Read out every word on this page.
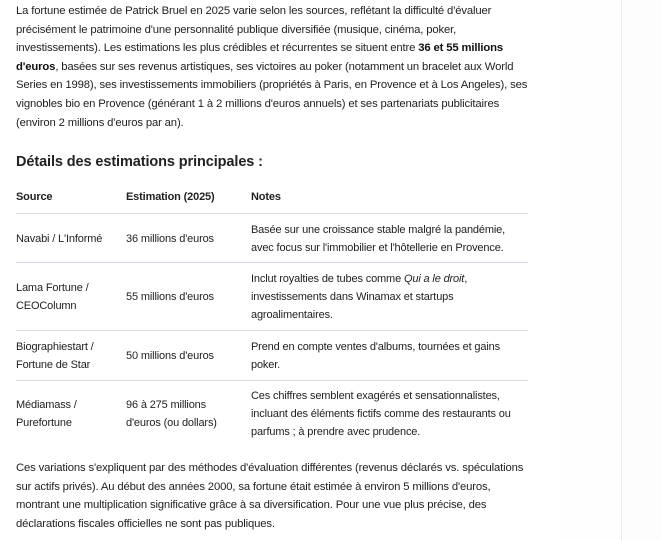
La fortune estimée de Patrick Bruel en 2025 varie selon les sources, reflétant la difficulté d'évaluer précisément le patrimoine d'une personnalité publique diversifiée (musique, cinéma, poker, investissements). Les estimations les plus crédibles et récurrentes se situent entre 36 et 55 millions d'euros, basées sur ses revenus artistiques, ses victoires au poker (notamment un bracelet aux World Series en 1998), ses investissements immobiliers (propriétés à Paris, en Provence et à Los Angeles), ses vignobles bio en Provence (générant 1 à 2 millions d'euros annuels) et ses partenariats publicitaires (environ 2 millions d'euros par an).

Détails des estimations principales :
Source	Estimation (2025)	Notes
Navabi / L'Informé	36 millions d'euros	Basée sur une croissance stable malgré la pandémie, avec focus sur l'immobilier et l'hôtellerie en Provence.
Lama Fortune / CEOColumn	55 millions d'euros	Inclut royalties de tubes comme Qui a le droit, investissements dans Winamax et startups agroalimentaires.
Biographiestart / Fortune de Star	50 millions d'euros	Prend en compte ventes d'albums, tournées et gains poker.
Médiamass / Purefortune	96 à 275 millions d'euros (ou dollars)	Ces chiffres semblent exagérés et sensationnalistes, incluant des éléments fictifs comme des restaurants ou parfums ; à prendre avec prudence.

Ces variations s'expliquent par des méthodes d'évaluation différentes (revenus déclarés vs. spéculations sur actifs privés). Au début des années 2000, sa fortune était estimée à environ 5 millions d'euros, montrant une multiplication significative grâce à sa diversification. Pour une vue plus précise, des déclarations fiscales officielles ne sont pas publiques.
